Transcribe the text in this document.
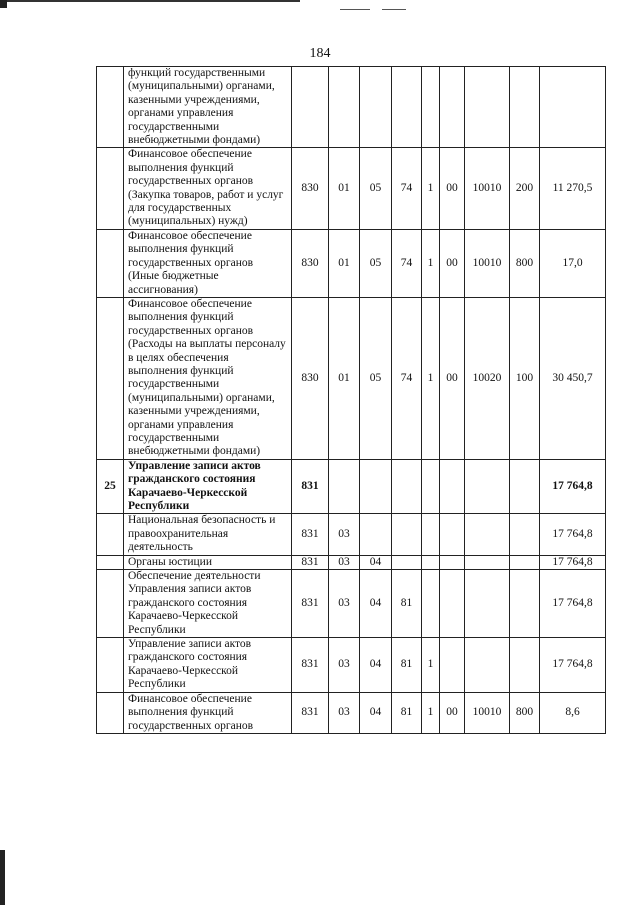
184
	функций государственными (муниципальными) органами, казенными учреждениями, органами управления государственными внебюджетными фондами)									
	Финансовое обеспечение выполнения функций государственных органов (Закупка товаров, работ и услуг для государственных (муниципальных) нужд)	830	01	05	74	1	00	10010	200	11 270,5
	Финансовое обеспечение выполнения функций государственных органов (Иные бюджетные ассигнования)	830	01	05	74	1	00	10010	800	17,0
	Финансовое обеспечение выполнения функций государственных органов (Расходы на выплаты персоналу в целях обеспечения выполнения функций государственными (муниципальными) органами, казенными учреждениями, органами управления государственными внебюджетными фондами)	830	01	05	74	1	00	10020	100	30 450,7
25	Управление записи актов гражданского состояния Карачаево-Черкесской Республики	831								17 764,8
	Национальная безопасность и правоохранительная деятельность	831	03							17 764,8
	Органы юстиции	831	03	04						17 764,8
	Обеспечение деятельности Управления записи актов гражданского состояния Карачаево-Черкесской Республики	831	03	04	81					17 764,8
	Управление записи актов гражданского состояния Карачаево-Черкесской Республики	831	03	04	81	1				17 764,8
	Финансовое обеспечение выполнения функций государственных органов	831	03	04	81	1	00	10010	800	8,6
